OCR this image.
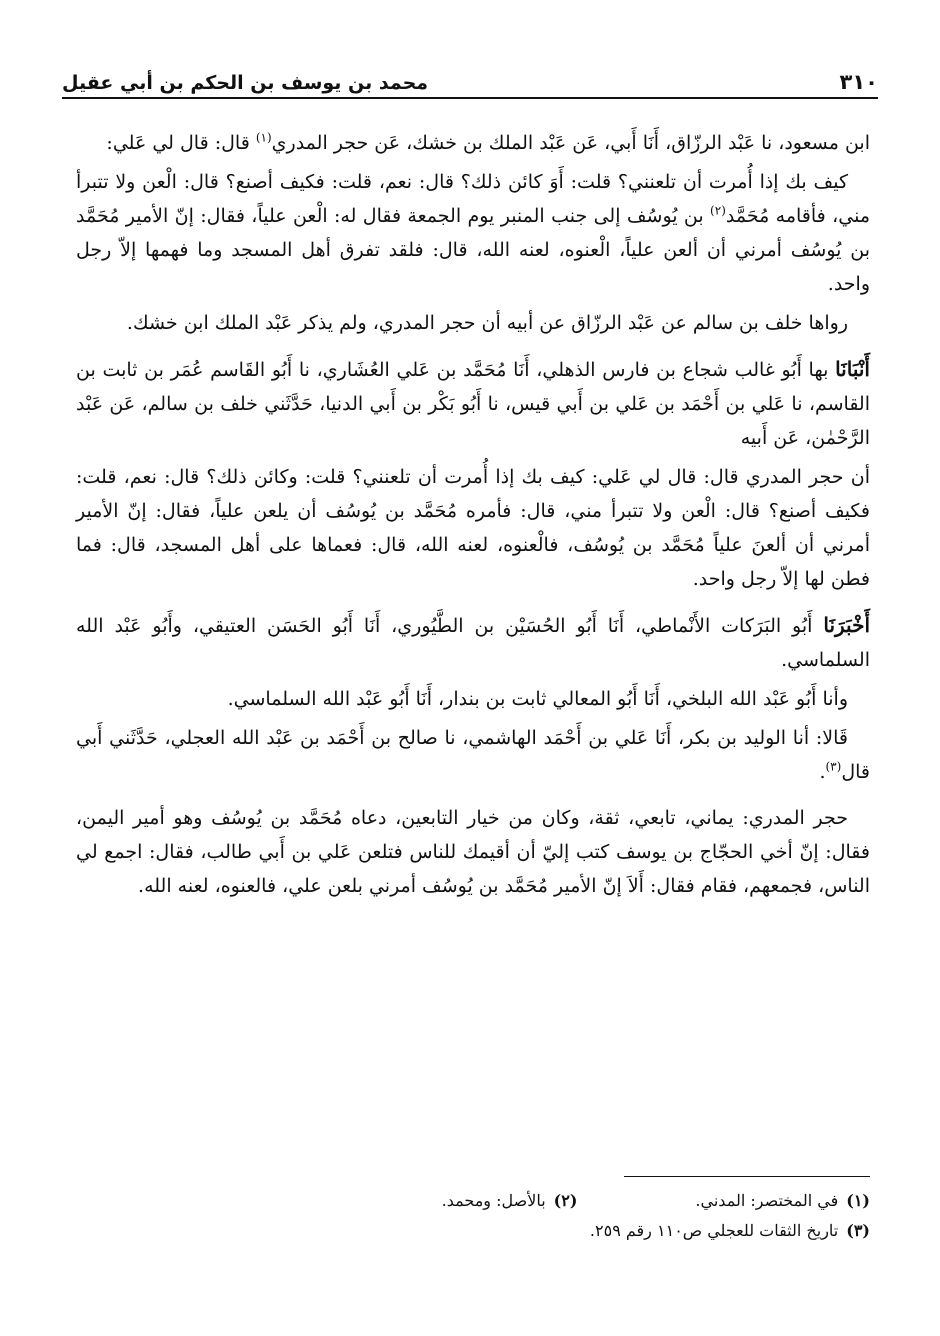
٣١٠
محمد بن يوسف بن الحكم بن أبي عقيل

ابن مسعود، نا عَبْد الرزّاق، أَنَا أَبي، عَن عَبْد الملك بن خشك، عَن حجر المدري$^{(١)}$ قال: قال لي عَلي:

كيف بك إذا أُمرت أن تلعنني؟ قلت: أَوَ كائن ذلك؟ قال: نعم، قلت: فكيف أصنع؟ قال: الْعن ولا تتبرأ مني، فأقامه مُحَمَّد$^{(٢)}$ بن يُوسُف إلى جنب المنبر يوم الجمعة فقال له: الْعن علياً، فقال: إنّ الأمير مُحَمَّد بن يُوسُف أمرني أن ألعن علياً، الْعنوه، لعنه الله، قال: فلقد تفرق أهل المسجد وما فهمها إلاّ رجل واحد.

رواها خلف بن سالم عن عَبْد الرزّاق عن أبيه أن حجر المدري، ولم يذكر عَبْد الملك ابن خشك.

أَنْبَانَا بها أَبُو غالب شجاع بن فارس الذهلي، أَنَا مُحَمَّد بن عَلي العُشَاري، نا أَبُو القَاسم عُمَر بن ثابت بن القاسم، نا عَلي بن أَحْمَد بن عَلي بن أَبي قيس، نا أَبُو بَكْر بن أَبي الدنيا، حَدَّثَني خلف بن سالم، عَن عَبْد الرَّحْمٰن، عَن أَبيه

أن حجر المدري قال: قال لي عَلي: كيف بك إذا أُمرت أن تلعنني؟ قلت: وكائن ذلك؟ قال: نعم، قلت: فكيف أصنع؟ قال: الْعن ولا تتبرأ مني، قال: فأمره مُحَمَّد بن يُوسُف أن يلعن علياً، فقال: إنّ الأمير أمرني أن ألعنَ علياً مُحَمَّد بن يُوسُف، فالْعنوه، لعنه الله، قال: فعماها على أهل المسجد، قال: فما فطن لها إلاّ رجل واحد.

أَخْبَرَنَا أَبُو البَرَكات الأَنْماطي، أَنَا أَبُو الحُسَيْن بن الطَّيُوري، أَنَا أَبُو الحَسَن العتيقي، وأَبُو عَبْد الله السلماسي.

وأنا أَبُو عَبْد الله البلخي، أَنَا أَبُو المعالي ثابت بن بندار، أَنَا أَبُو عَبْد الله السلماسي.

قَالا: أنا الوليد بن بكر، أَنَا عَلي بن أَحْمَد الهاشمي، نا صالح بن أَحْمَد بن عَبْد الله العجلي، حَدَّثَني أَبي قال$^{(٣)}$.

حجر المدري: يماني، تابعي، ثقة، وكان من خيار التابعين، دعاه مُحَمَّد بن يُوسُف وهو أمير اليمن، فقال: إنّ أخي الحجّاج بن يوسف كتب إليّ أن أقيمك للناس فتلعن عَلي بن أَبي طالب، فقال: اجمع لي الناس، فجمعهم، فقام فقال: أَلاَ إنّ الأمير مُحَمَّد بن يُوسُف أمرني بلعن علي، فالعنوه، لعنه الله.

(١)في المختصر: المدني.
(٢)بالأصل: ومحمد.
(٣)تاريخ الثقات للعجلي ص١١٠ رقم ٢٥٩.
